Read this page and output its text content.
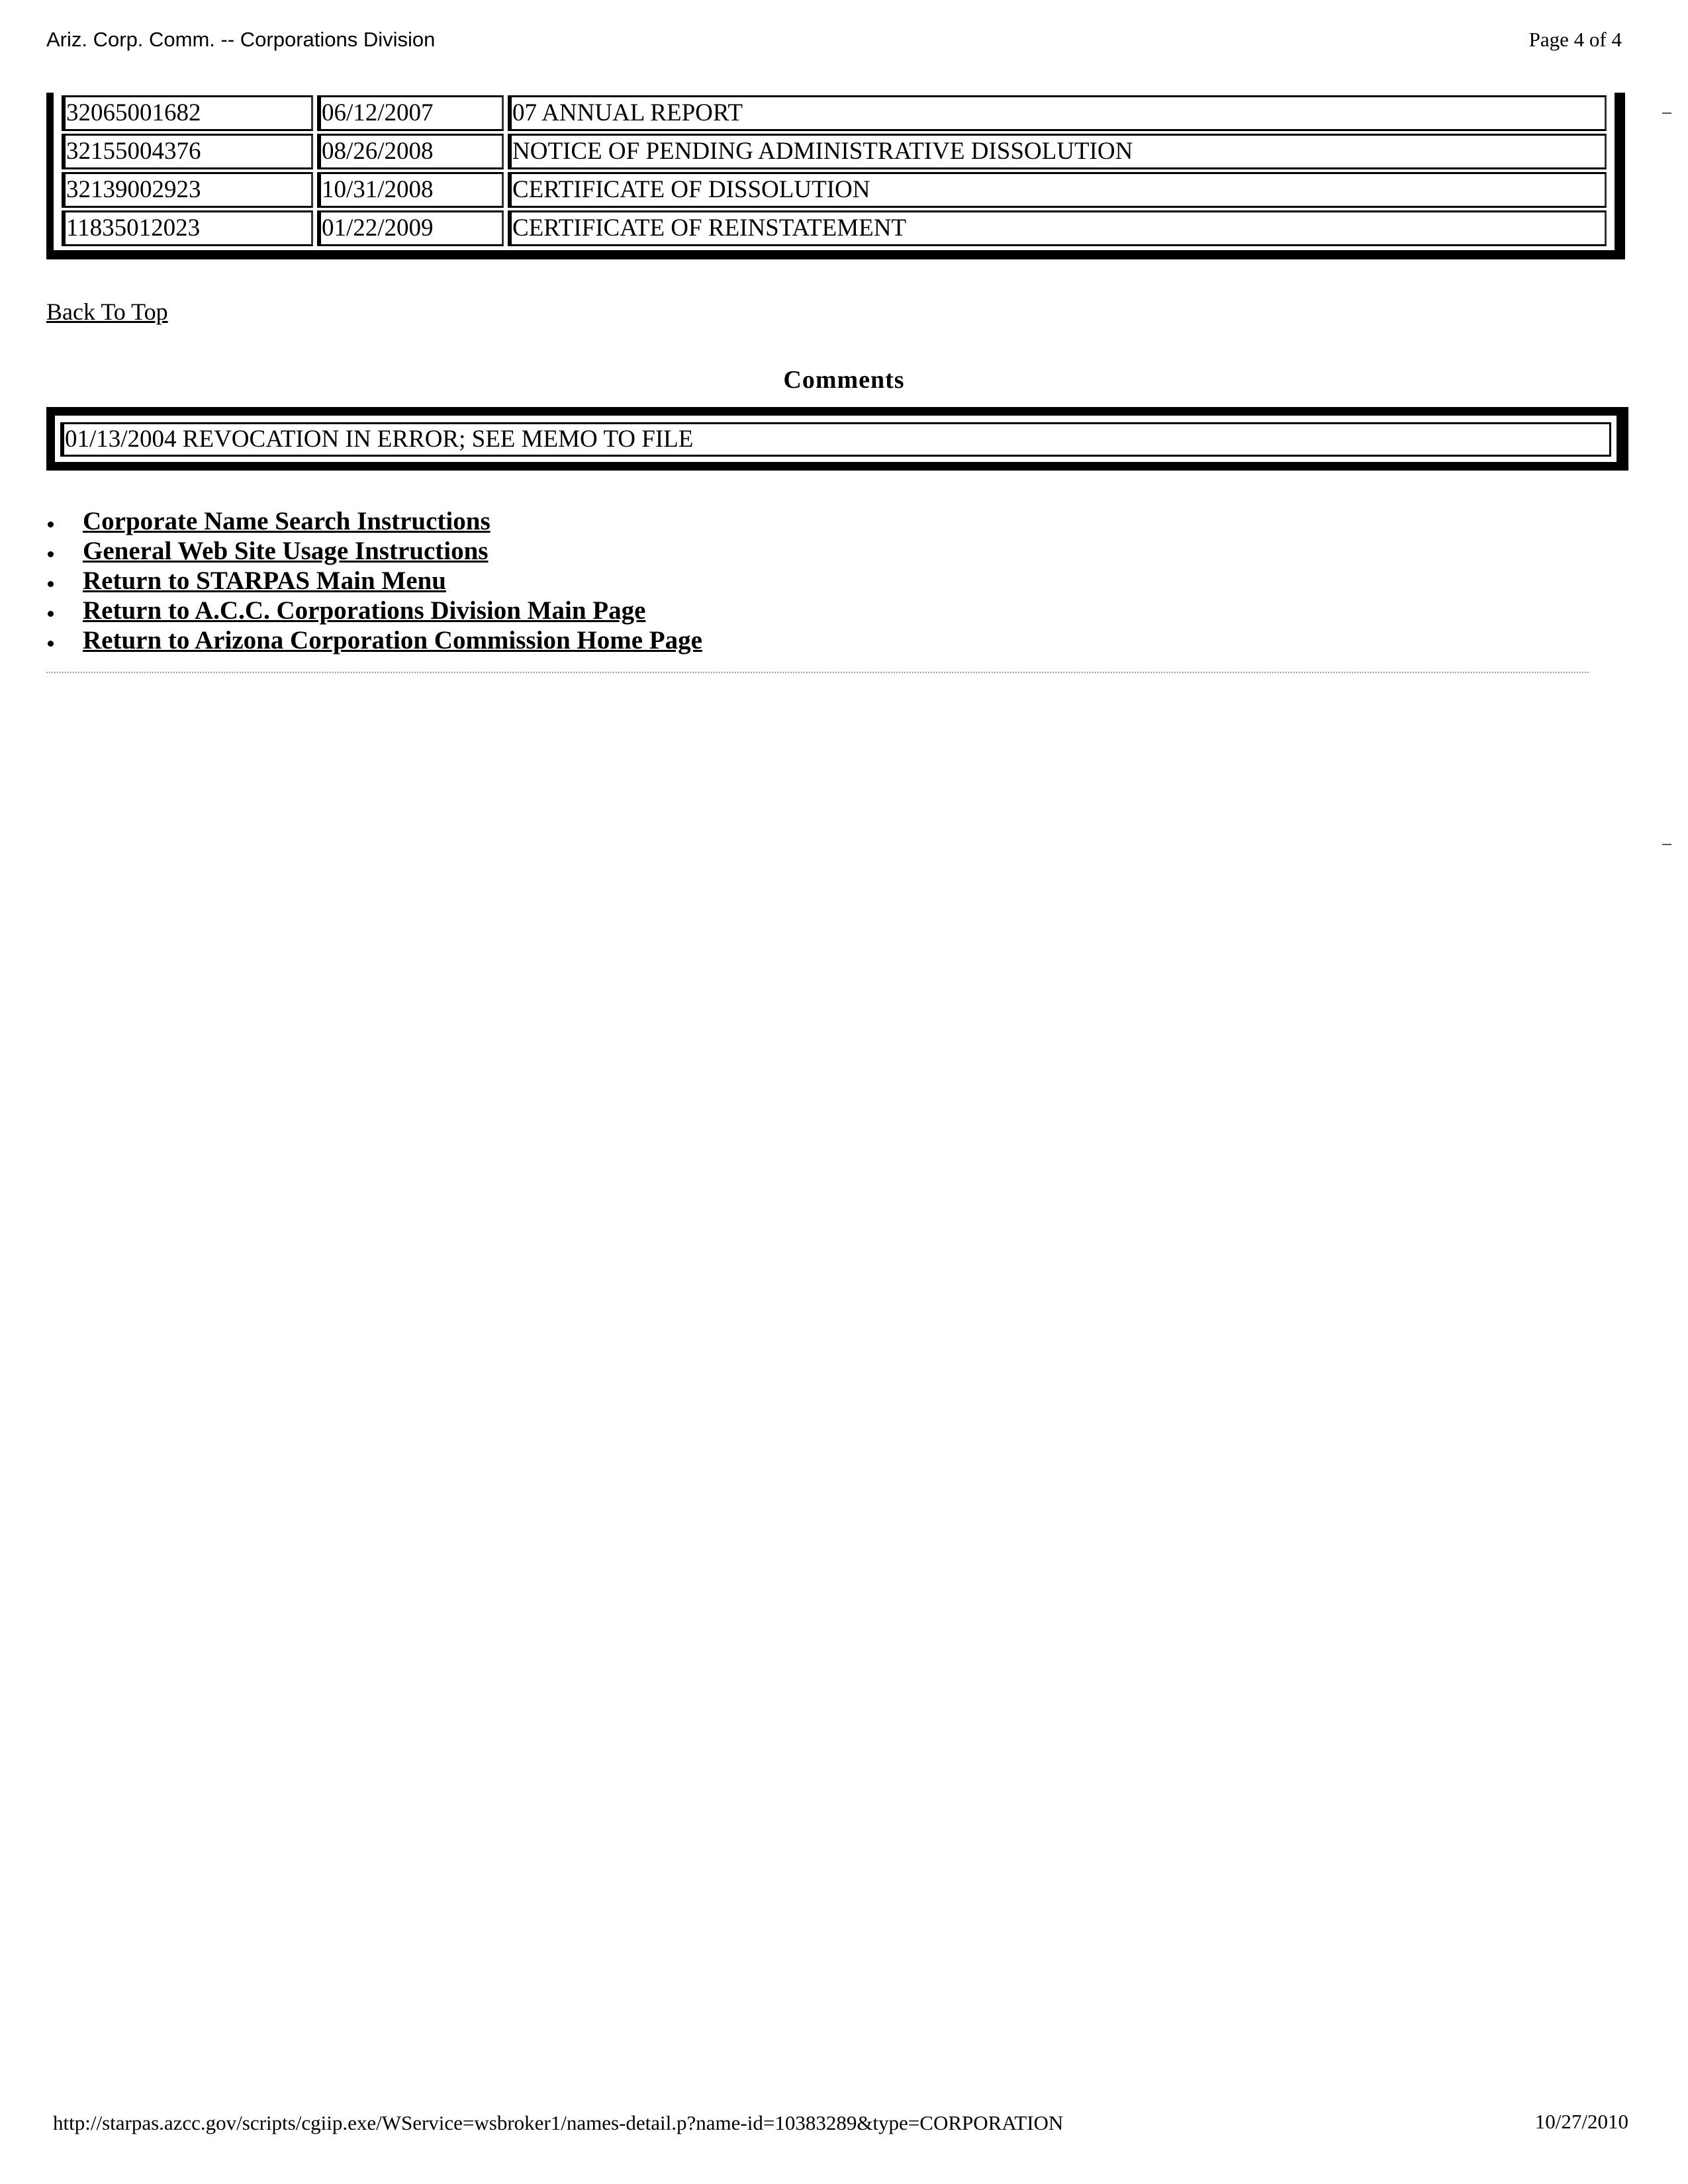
Ariz. Corp. Comm. -- Corporations Division	Page 4 of 4
32065001682	06/12/2007	07 ANNUAL REPORT
32155004376	08/26/2008	NOTICE OF PENDING ADMINISTRATIVE DISSOLUTION
32139002923	10/31/2008	CERTIFICATE OF DISSOLUTION
11835012023	01/22/2009	CERTIFICATE OF REINSTATEMENT
Back To Top
Comments
01/13/2004 REVOCATION IN ERROR; SEE MEMO TO FILE
Corporate Name Search Instructions
General Web Site Usage Instructions
Return to STARPAS Main Menu
Return to A.C.C. Corporations Division Main Page
Return to Arizona Corporation Commission Home Page
http://starpas.azcc.gov/scripts/cgiip.exe/WService=wsbroker1/names-detail.p?name-id=10383289&type=CORPORATION	10/27/2010
